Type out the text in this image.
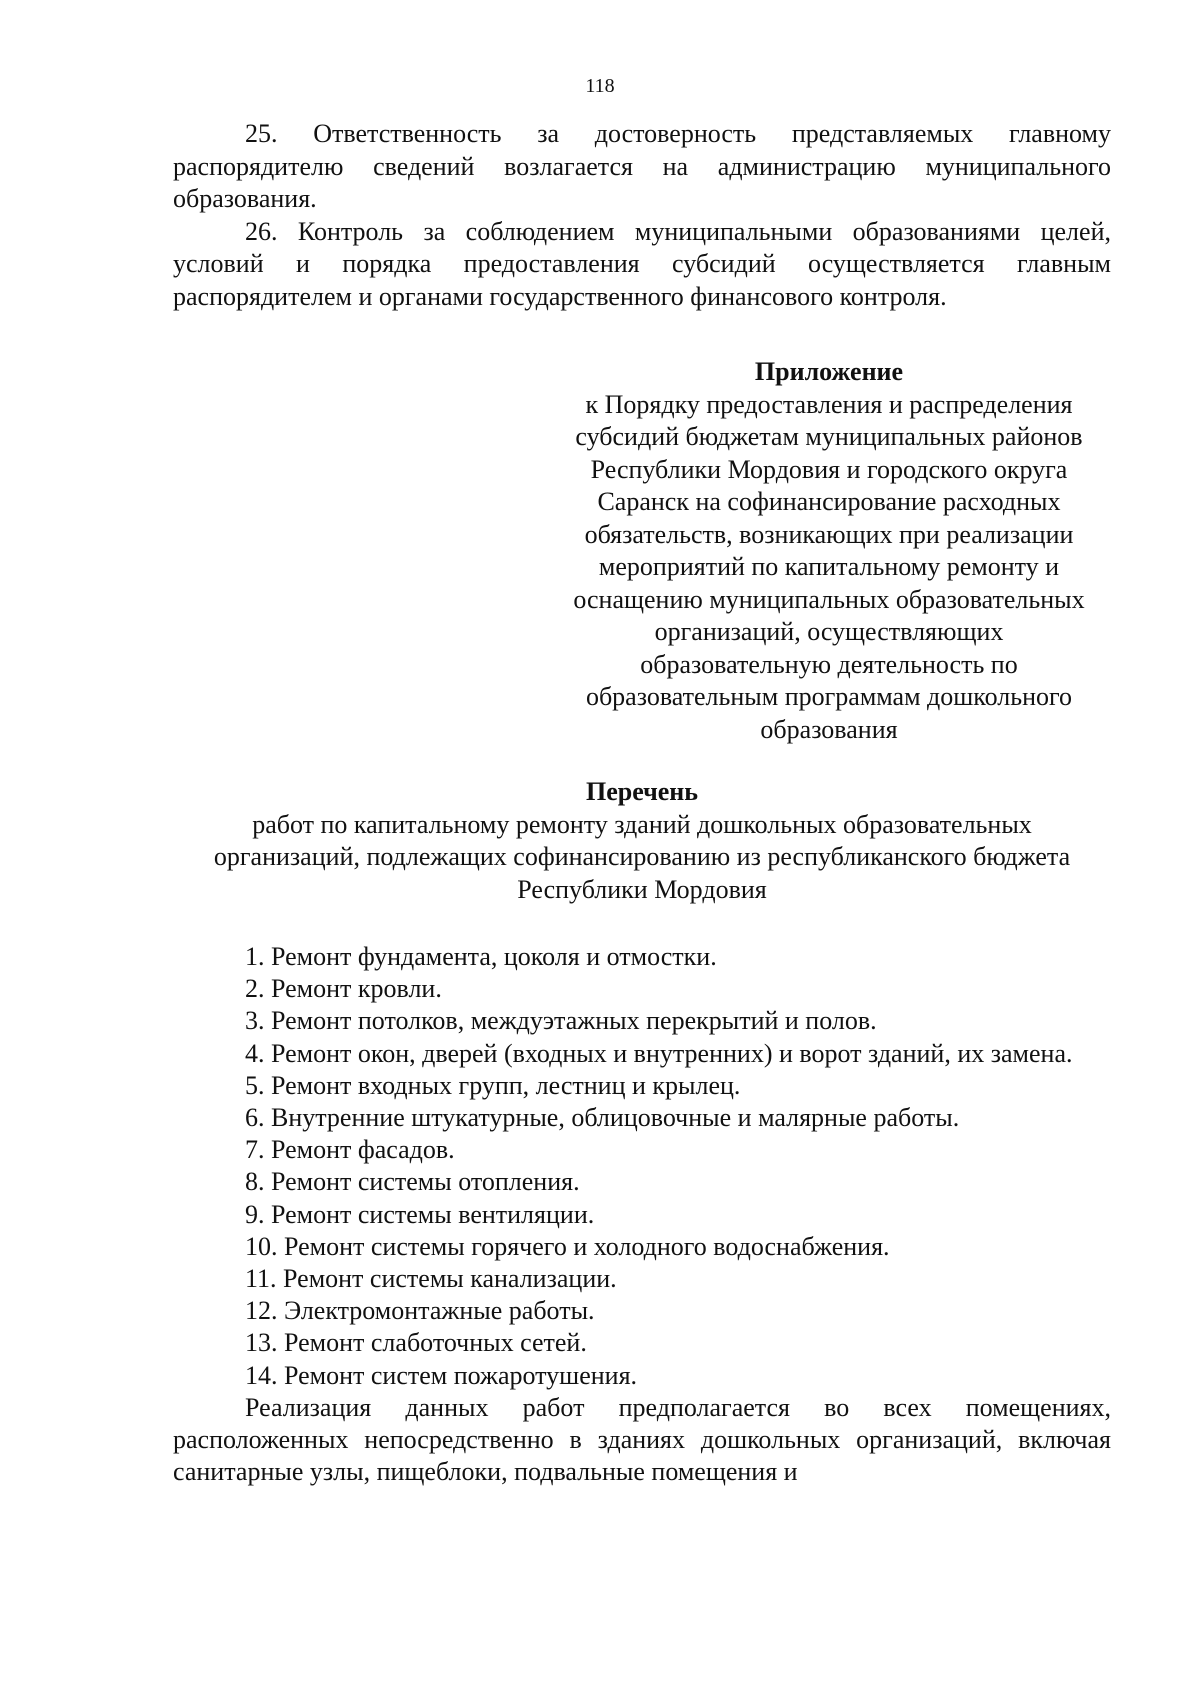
118

25. Ответственность за достоверность представляемых главному распорядителю сведений возлагается на администрацию муниципального образования.

26. Контроль за соблюдением муниципальными образованиями целей, условий и порядка предоставления субсидий осуществляется главным распорядителем и органами государственного финансового контроля.

Приложение

к Порядку предоставления и распределения

субсидий бюджетам муниципальных районов

Республики Мордовия и городского округа

Саранск на софинансирование расходных

обязательств, возникающих при реализации

мероприятий по капитальному ремонту и

оснащению муниципальных образовательных

организаций, осуществляющих

образовательную деятельность по

образовательным программам дошкольного

образования

Перечень

работ по капитальному ремонту зданий дошкольных образовательных

организаций, подлежащих софинансированию из республиканского бюджета

Республики Мордовия

1. Ремонт фундамента, цоколя и отмостки.
2. Ремонт кровли.
3. Ремонт потолков, междуэтажных перекрытий и полов.
4. Ремонт окон, дверей (входных и внутренних) и ворот зданий, их замена.
5. Ремонт входных групп, лестниц и крылец.
6. Внутренние штукатурные, облицовочные и малярные работы.
7. Ремонт фасадов.
8. Ремонт системы отопления.
9. Ремонт системы вентиляции.
10. Ремонт системы горячего и холодного водоснабжения.
11. Ремонт системы канализации.
12. Электромонтажные работы.
13. Ремонт слаботочных сетей.
14. Ремонт систем пожаротушения.
Реализация данных работ предполагается во всех помещениях, расположенных непосредственно в зданиях дошкольных организаций, включая санитарные узлы, пищеблоки, подвальные помещения и
